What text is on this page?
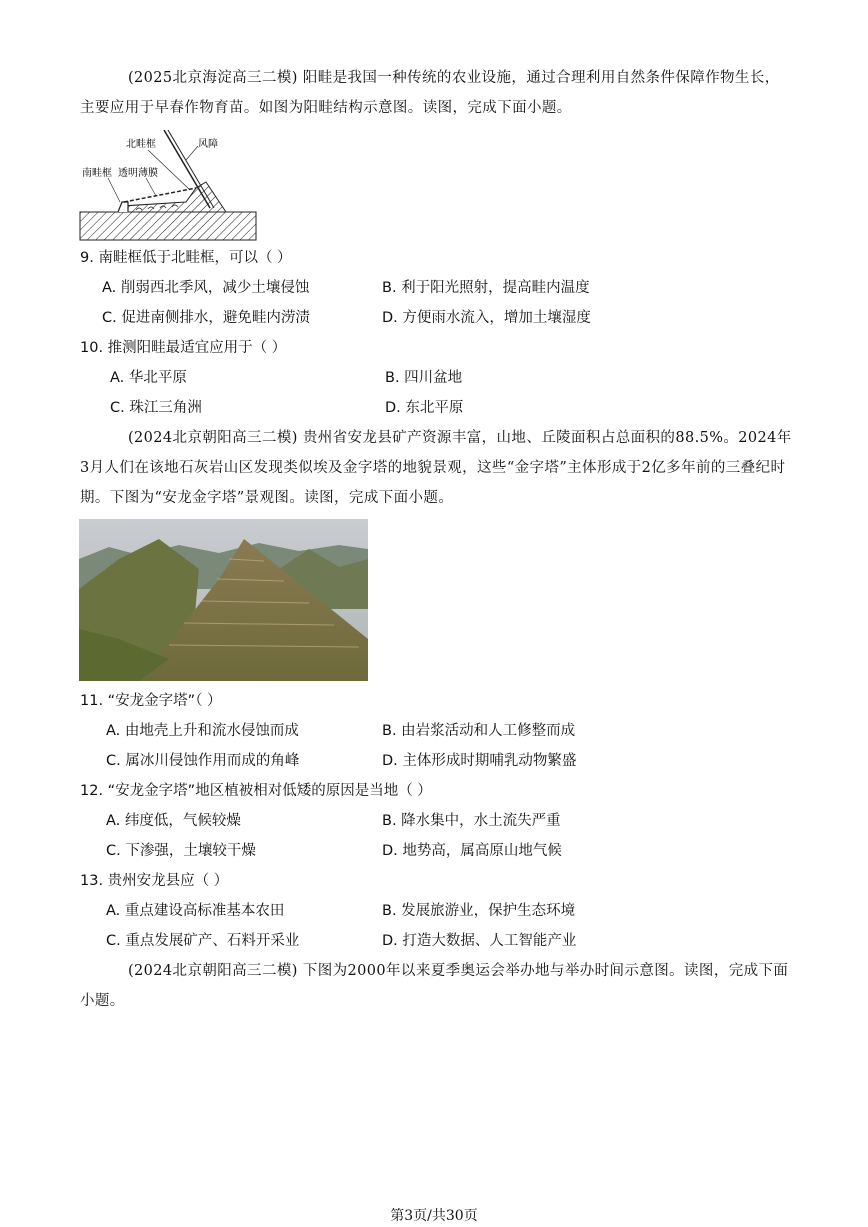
(2025北京海淀高三二模) 阳畦是我国一种传统的农业设施，通过合理利用自然条件保障作物生长，主要应用于早春作物育苗。如图为阳畦结构示意图。读图，完成下面小题。
北畦框	风障
南畦框 透明薄膜
9. 南畦框低于北畦框，可以（ ）
A. 削弱西北季风，减少土壤侵蚀	B. 利于阳光照射，提高畦内温度
C. 促进南侧排水，避免畦内涝渍	D. 方便雨水流入，增加土壤湿度
10. 推测阳畦最适宜应用于（ ）
A. 华北平原	B. 四川盆地
C. 珠江三角洲	D. 东北平原
(2024北京朝阳高三二模) 贵州省安龙县矿产资源丰富，山地、丘陵面积占总面积的88.5%。2024年3月人们在该地石灰岩山区发现类似埃及金字塔的地貌景观，这些“金字塔”主体形成于2亿多年前的三叠纪时期。下图为“安龙金字塔”景观图。读图，完成下面小题。
11. “安龙金字塔”（ ）
A. 由地壳上升和流水侵蚀而成	B. 由岩浆活动和人工修整而成
C. 属冰川侵蚀作用而成的角峰	D. 主体形成时期哺乳动物繁盛
12. “安龙金字塔”地区植被相对低矮的原因是当地（ ）
A. 纬度低，气候较燥	B. 降水集中，水土流失严重
C. 下渗强，土壤较干燥	D. 地势高，属高原山地气候
13. 贵州安龙县应（ ）
A. 重点建设高标准基本农田	B. 发展旅游业，保护生态环境
C. 重点发展矿产、石料开采业	D. 打造大数据、人工智能产业
(2024北京朝阳高三二模) 下图为2000年以来夏季奥运会举办地与举办时间示意图。读图，完成下面小题。
第3页/共30页
